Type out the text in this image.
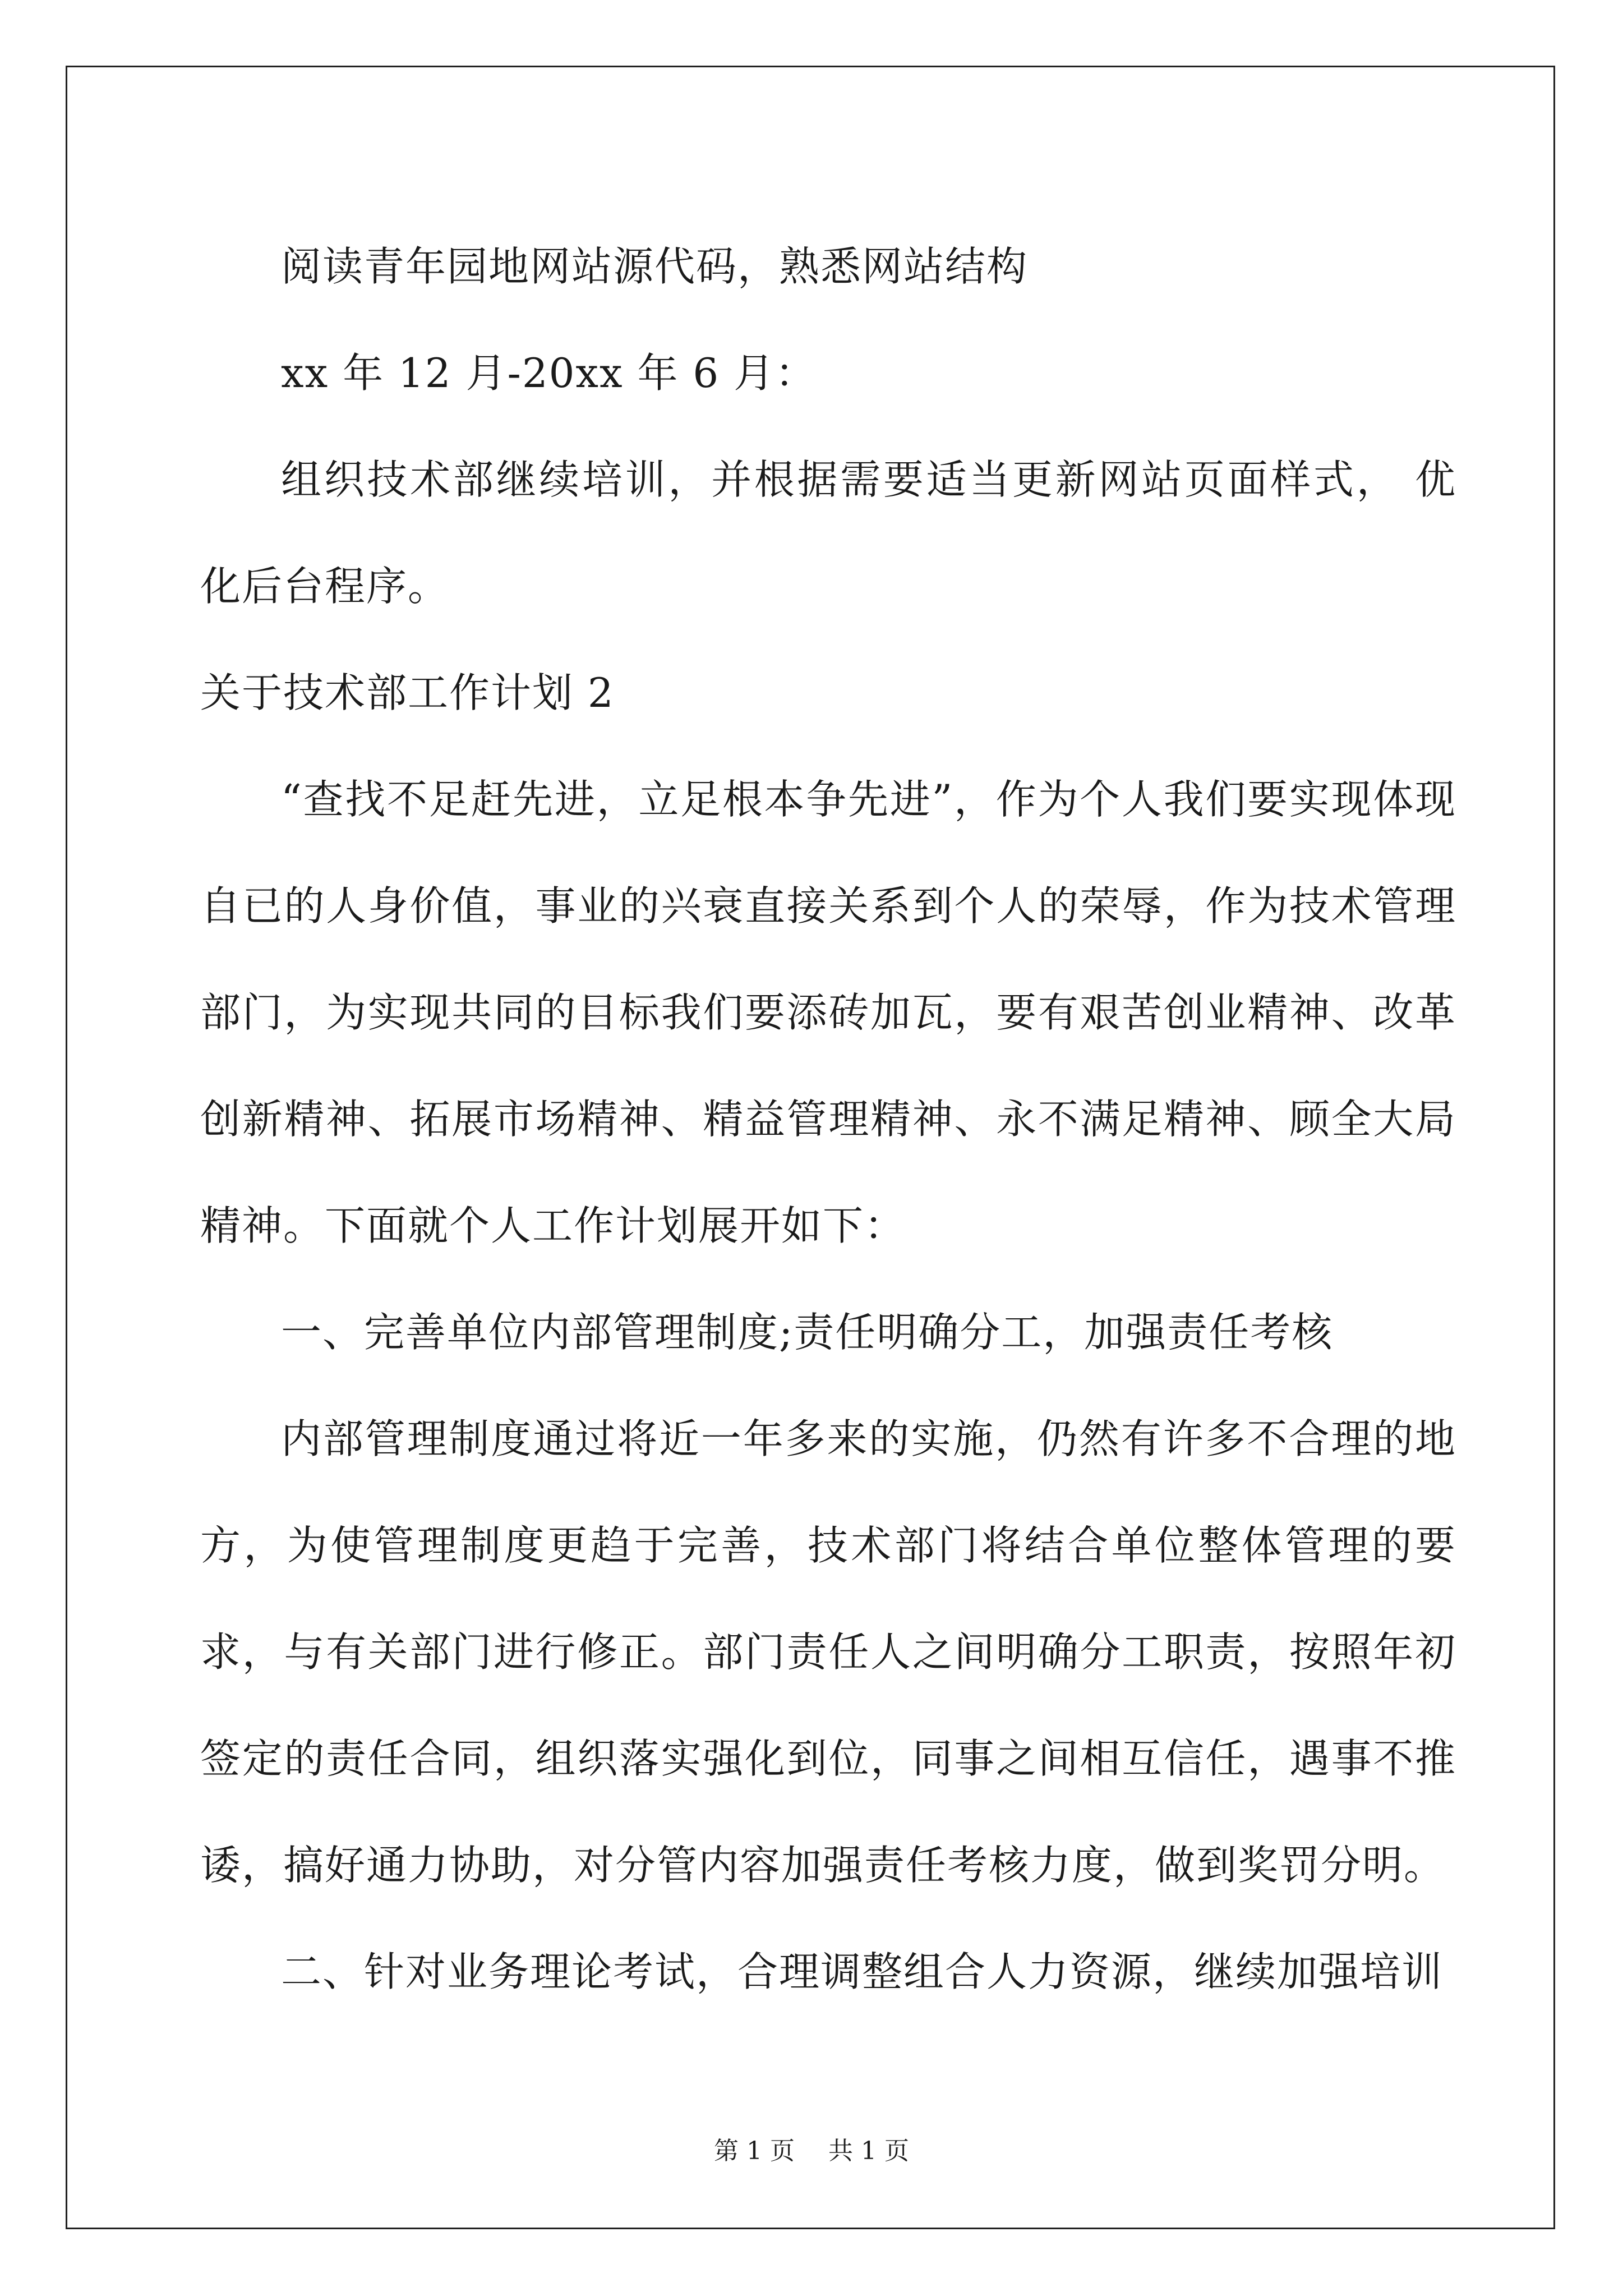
阅读青年园地网站源代码，熟悉网站结构

xx 年 12 月-20xx 年 6 月：

组织技术部继续培训，并根据需要适当更新网站页面样式， 优化后台程序。

关于技术部工作计划 2

“查找不足赶先进，立足根本争先进”，作为个人我们要实现体现自已的人身价值，事业的兴衰直接关系到个人的荣辱，作为技术管理部门，为实现共同的目标我们要添砖加瓦，要有艰苦创业精神、改革创新精神、拓展市场精神、精益管理精神、永不满足精神、顾全大局精神。下面就个人工作计划展开如下：

一、完善单位内部管理制度;责任明确分工，加强责任考核

内部管理制度通过将近一年多来的实施，仍然有许多不合理的地方，为使管理制度更趋于完善，技术部门将结合单位整体管理的要求，与有关部门进行修正。部门责任人之间明确分工职责，按照年初签定的责任合同，组织落实强化到位，同事之间相互信任，遇事不推诿，搞好通力协助，对分管内容加强责任考核力度，做到奖罚分明。

二、针对业务理论考试，合理调整组合人力资源，继续加强培训

第 1 页 共 1 页
